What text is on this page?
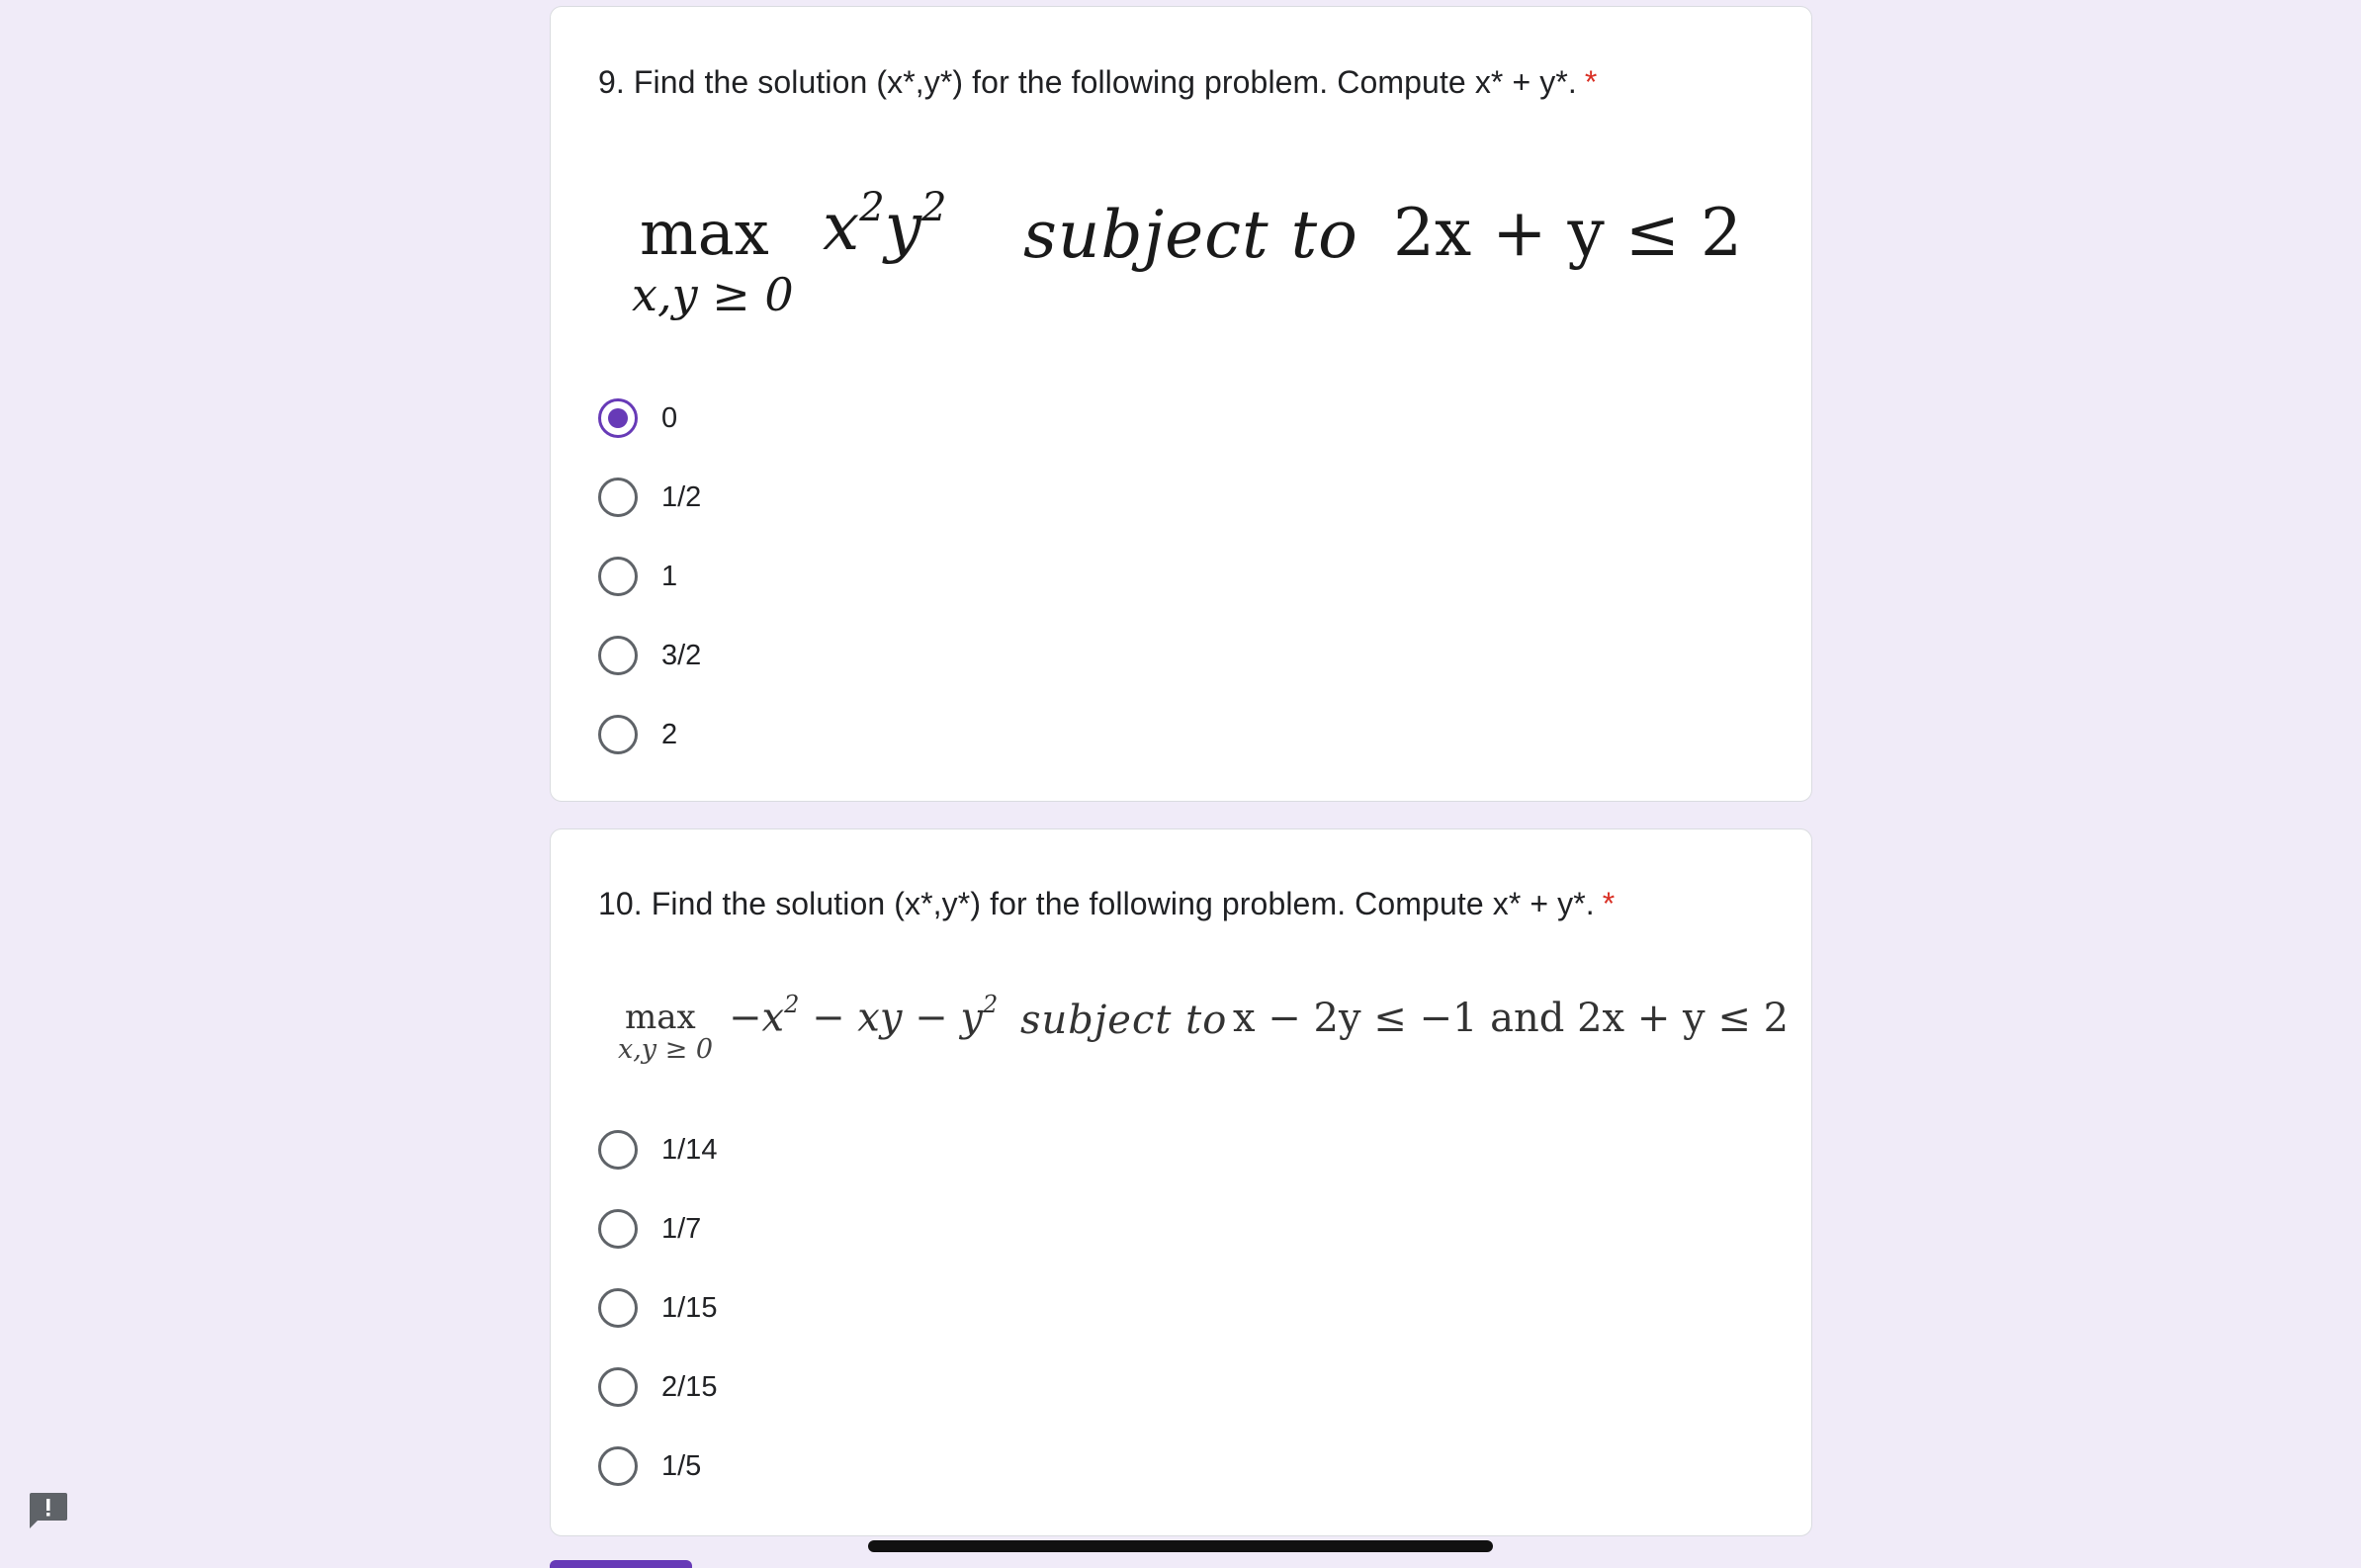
9. Find the solution (x*,y*) for the following problem. Compute x* + y*. *
max
x,y ≥ 0
$x^2y^2$ subject to 2x + y ≤ 2
0
1/2
1
3/2
2
10. Find the solution (x*,y*) for the following problem. Compute x* + y*. *
max
x,y ≥ 0
$-x^2$ − xy − $y^2$ subject to x − 2y ≤ −1 and 2x + y ≤ 2
1/14
1/7
1/15
2/15
1/5
